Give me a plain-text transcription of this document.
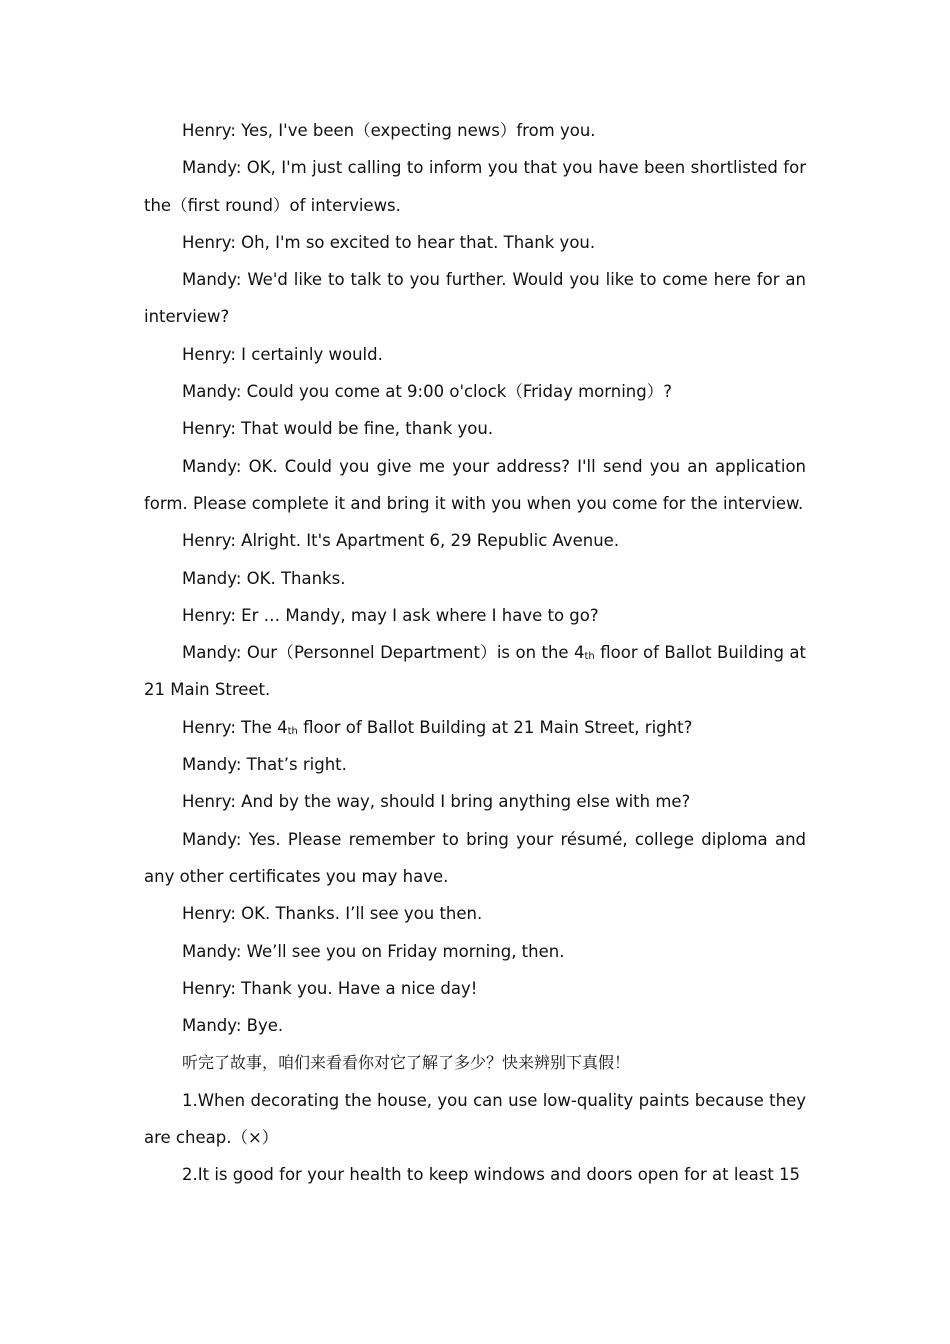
Henry: Yes, I've been（expecting news）from you.

Mandy: OK, I'm just calling to inform you that you have been shortlisted for the（first round）of interviews.

Henry: Oh, I'm so excited to hear that. Thank you.

Mandy: We'd like to talk to you further. Would you like to come here for an interview?

Henry: I certainly would.

Mandy: Could you come at 9:00 o'clock（Friday morning）?

Henry: That would be fine, thank you.

Mandy: OK. Could you give me your address? I'll send you an application form. Please complete it and bring it with you when you come for the interview.

Henry: Alright. It's Apartment 6, 29 Republic Avenue.

Mandy: OK. Thanks.

Henry: Er … Mandy, may I ask where I have to go?

Mandy: Our（Personnel Department）is on the $4_{th}$ floor of Ballot Building at 21 Main Street.

Henry: The $4_{th}$ floor of Ballot Building at 21 Main Street, right?

Mandy: That’s right.

Henry: And by the way, should I bring anything else with me?

Mandy: Yes. Please remember to bring your résumé, college diploma and any other certificates you may have.

Henry: OK. Thanks. I’ll see you then.

Mandy: We’ll see you on Friday morning, then.

Henry: Thank you. Have a nice day!

Mandy: Bye.

听完了故事，咱们来看看你对它了解了多少？快来辨别下真假！

1.When decorating the house, you can use low-quality paints because they are cheap.（×）

2.It is good for your health to keep windows and doors open for at least 15
